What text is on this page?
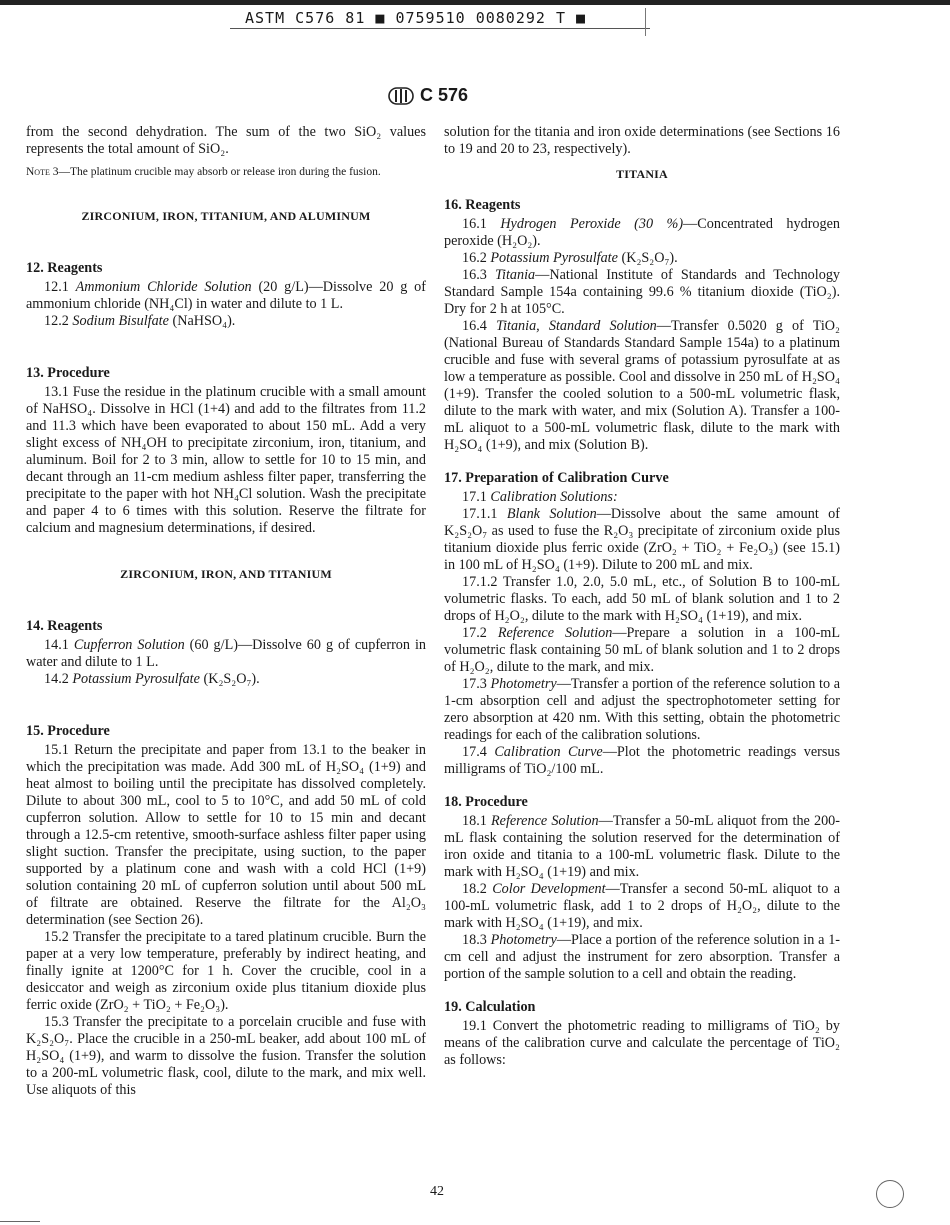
ASTM C576 81 ■ 0759510 0080292 T ■
C 576

from the second dehydration. The sum of the two SiO₂ values represents the total amount of SiO₂.

Note 3—The platinum crucible may absorb or release iron during the fusion.

ZIRCONIUM, IRON, TITANIUM, AND ALUMINUM

12. Reagents

12.1 Ammonium Chloride Solution (20 g/L)—Dissolve 20 g of ammonium chloride (NH₄Cl) in water and dilute to 1 L.

12.2 Sodium Bisulfate (NaHSO₄).

13. Procedure

13.1 Fuse the residue in the platinum crucible with a small amount of NaHSO₄. Dissolve in HCl (1+4) and add to the filtrates from 11.2 and 11.3 which have been evaporated to about 150 mL. Add a very slight excess of NH₄OH to precipitate zirconium, iron, titanium, and aluminum. Boil for 2 to 3 min, allow to settle for 10 to 15 min, and decant through an 11-cm medium ashless filter paper, transferring the precipitate to the paper with hot NH₄Cl solution. Wash the precipitate and paper 4 to 6 times with this solution. Reserve the filtrate for calcium and magnesium determinations, if desired.

ZIRCONIUM, IRON, AND TITANIUM

14. Reagents

14.1 Cupferron Solution (60 g/L)—Dissolve 60 g of cupferron in water and dilute to 1 L.

14.2 Potassium Pyrosulfate (K₂S₂O₇).

15. Procedure

15.1 Return the precipitate and paper from 13.1 to the beaker in which the precipitation was made. Add 300 mL of H₂SO₄ (1+9) and heat almost to boiling until the precipitate has dissolved completely. Dilute to about 300 mL, cool to 5 to 10°C, and add 50 mL of cold cupferron solution. Allow to settle for 10 to 15 min and decant through a 12.5-cm retentive, smooth-surface ashless filter paper using slight suction. Transfer the precipitate, using suction, to the paper supported by a platinum cone and wash with a cold HCl (1+9) solution containing 20 mL of cupferron solution until about 500 mL of filtrate are obtained. Reserve the filtrate for the Al₂O₃ determination (see Section 26).

15.2 Transfer the precipitate to a tared platinum crucible. Burn the paper at a very low temperature, preferably by indirect heating, and finally ignite at 1200°C for 1 h. Cover the crucible, cool in a desiccator and weigh as zirconium oxide plus titanium dioxide plus ferric oxide (ZrO₂ + TiO₂ + Fe₂O₃).

15.3 Transfer the precipitate to a porcelain crucible and fuse with K₂S₂O₇. Place the crucible in a 250-mL beaker, add about 100 mL of H₂SO₄ (1+9), and warm to dissolve the fusion. Transfer the solution to a 200-mL volumetric flask, cool, dilute to the mark, and mix well. Use aliquots of this

solution for the titania and iron oxide determinations (see Sections 16 to 19 and 20 to 23, respectively).

TITANIA

16. Reagents

16.1 Hydrogen Peroxide (30 %)—Concentrated hydrogen peroxide (H₂O₂).

16.2 Potassium Pyrosulfate (K₂S₂O₇).

16.3 Titania—National Institute of Standards and Technology Standard Sample 154a containing 99.6 % titanium dioxide (TiO₂). Dry for 2 h at 105°C.

16.4 Titania, Standard Solution—Transfer 0.5020 g of TiO₂ (National Bureau of Standards Standard Sample 154a) to a platinum crucible and fuse with several grams of potassium pyrosulfate at as low a temperature as possible. Cool and dissolve in 250 mL of H₂SO₄ (1+9). Transfer the cooled solution to a 500-mL volumetric flask, dilute to the mark with water, and mix (Solution A). Transfer a 100-mL aliquot to a 500-mL volumetric flask, dilute to the mark with H₂SO₄ (1+9), and mix (Solution B).

17. Preparation of Calibration Curve

17.1 Calibration Solutions:

17.1.1 Blank Solution—Dissolve about the same amount of K₂S₂O₇ as used to fuse the R₂O₃ precipitate of zirconium oxide plus titanium dioxide plus ferric oxide (ZrO₂ + TiO₂ + Fe₂O₃) (see 15.1) in 100 mL of H₂SO₄ (1+9). Dilute to 200 mL and mix.

17.1.2 Transfer 1.0, 2.0, 5.0 mL, etc., of Solution B to 100-mL volumetric flasks. To each, add 50 mL of blank solution and 1 to 2 drops of H₂O₂, dilute to the mark with H₂SO₄ (1+19), and mix.

17.2 Reference Solution—Prepare a solution in a 100-mL volumetric flask containing 50 mL of blank solution and 1 to 2 drops of H₂O₂, dilute to the mark, and mix.

17.3 Photometry—Transfer a portion of the reference solution to a 1-cm absorption cell and adjust the spectrophotometer setting for zero absorption at 420 nm. With this setting, obtain the photometric readings for each of the calibration solutions.

17.4 Calibration Curve—Plot the photometric readings versus milligrams of TiO₂/100 mL.

18. Procedure

18.1 Reference Solution—Transfer a 50-mL aliquot from the 200-mL flask containing the solution reserved for the determination of iron oxide and titania to a 100-mL volumetric flask. Dilute to the mark with H₂SO₄ (1+19) and mix.

18.2 Color Development—Transfer a second 50-mL aliquot to a 100-mL volumetric flask, add 1 to 2 drops of H₂O₂, dilute to the mark with H₂SO₄ (1+19), and mix.

18.3 Photometry—Place a portion of the reference solution in a 1-cm cell and adjust the instrument for zero absorption. Transfer a portion of the sample solution to a cell and obtain the reading.

19. Calculation

19.1 Convert the photometric reading to milligrams of TiO₂ by means of the calibration curve and calculate the percentage of TiO₂ as follows:

42
